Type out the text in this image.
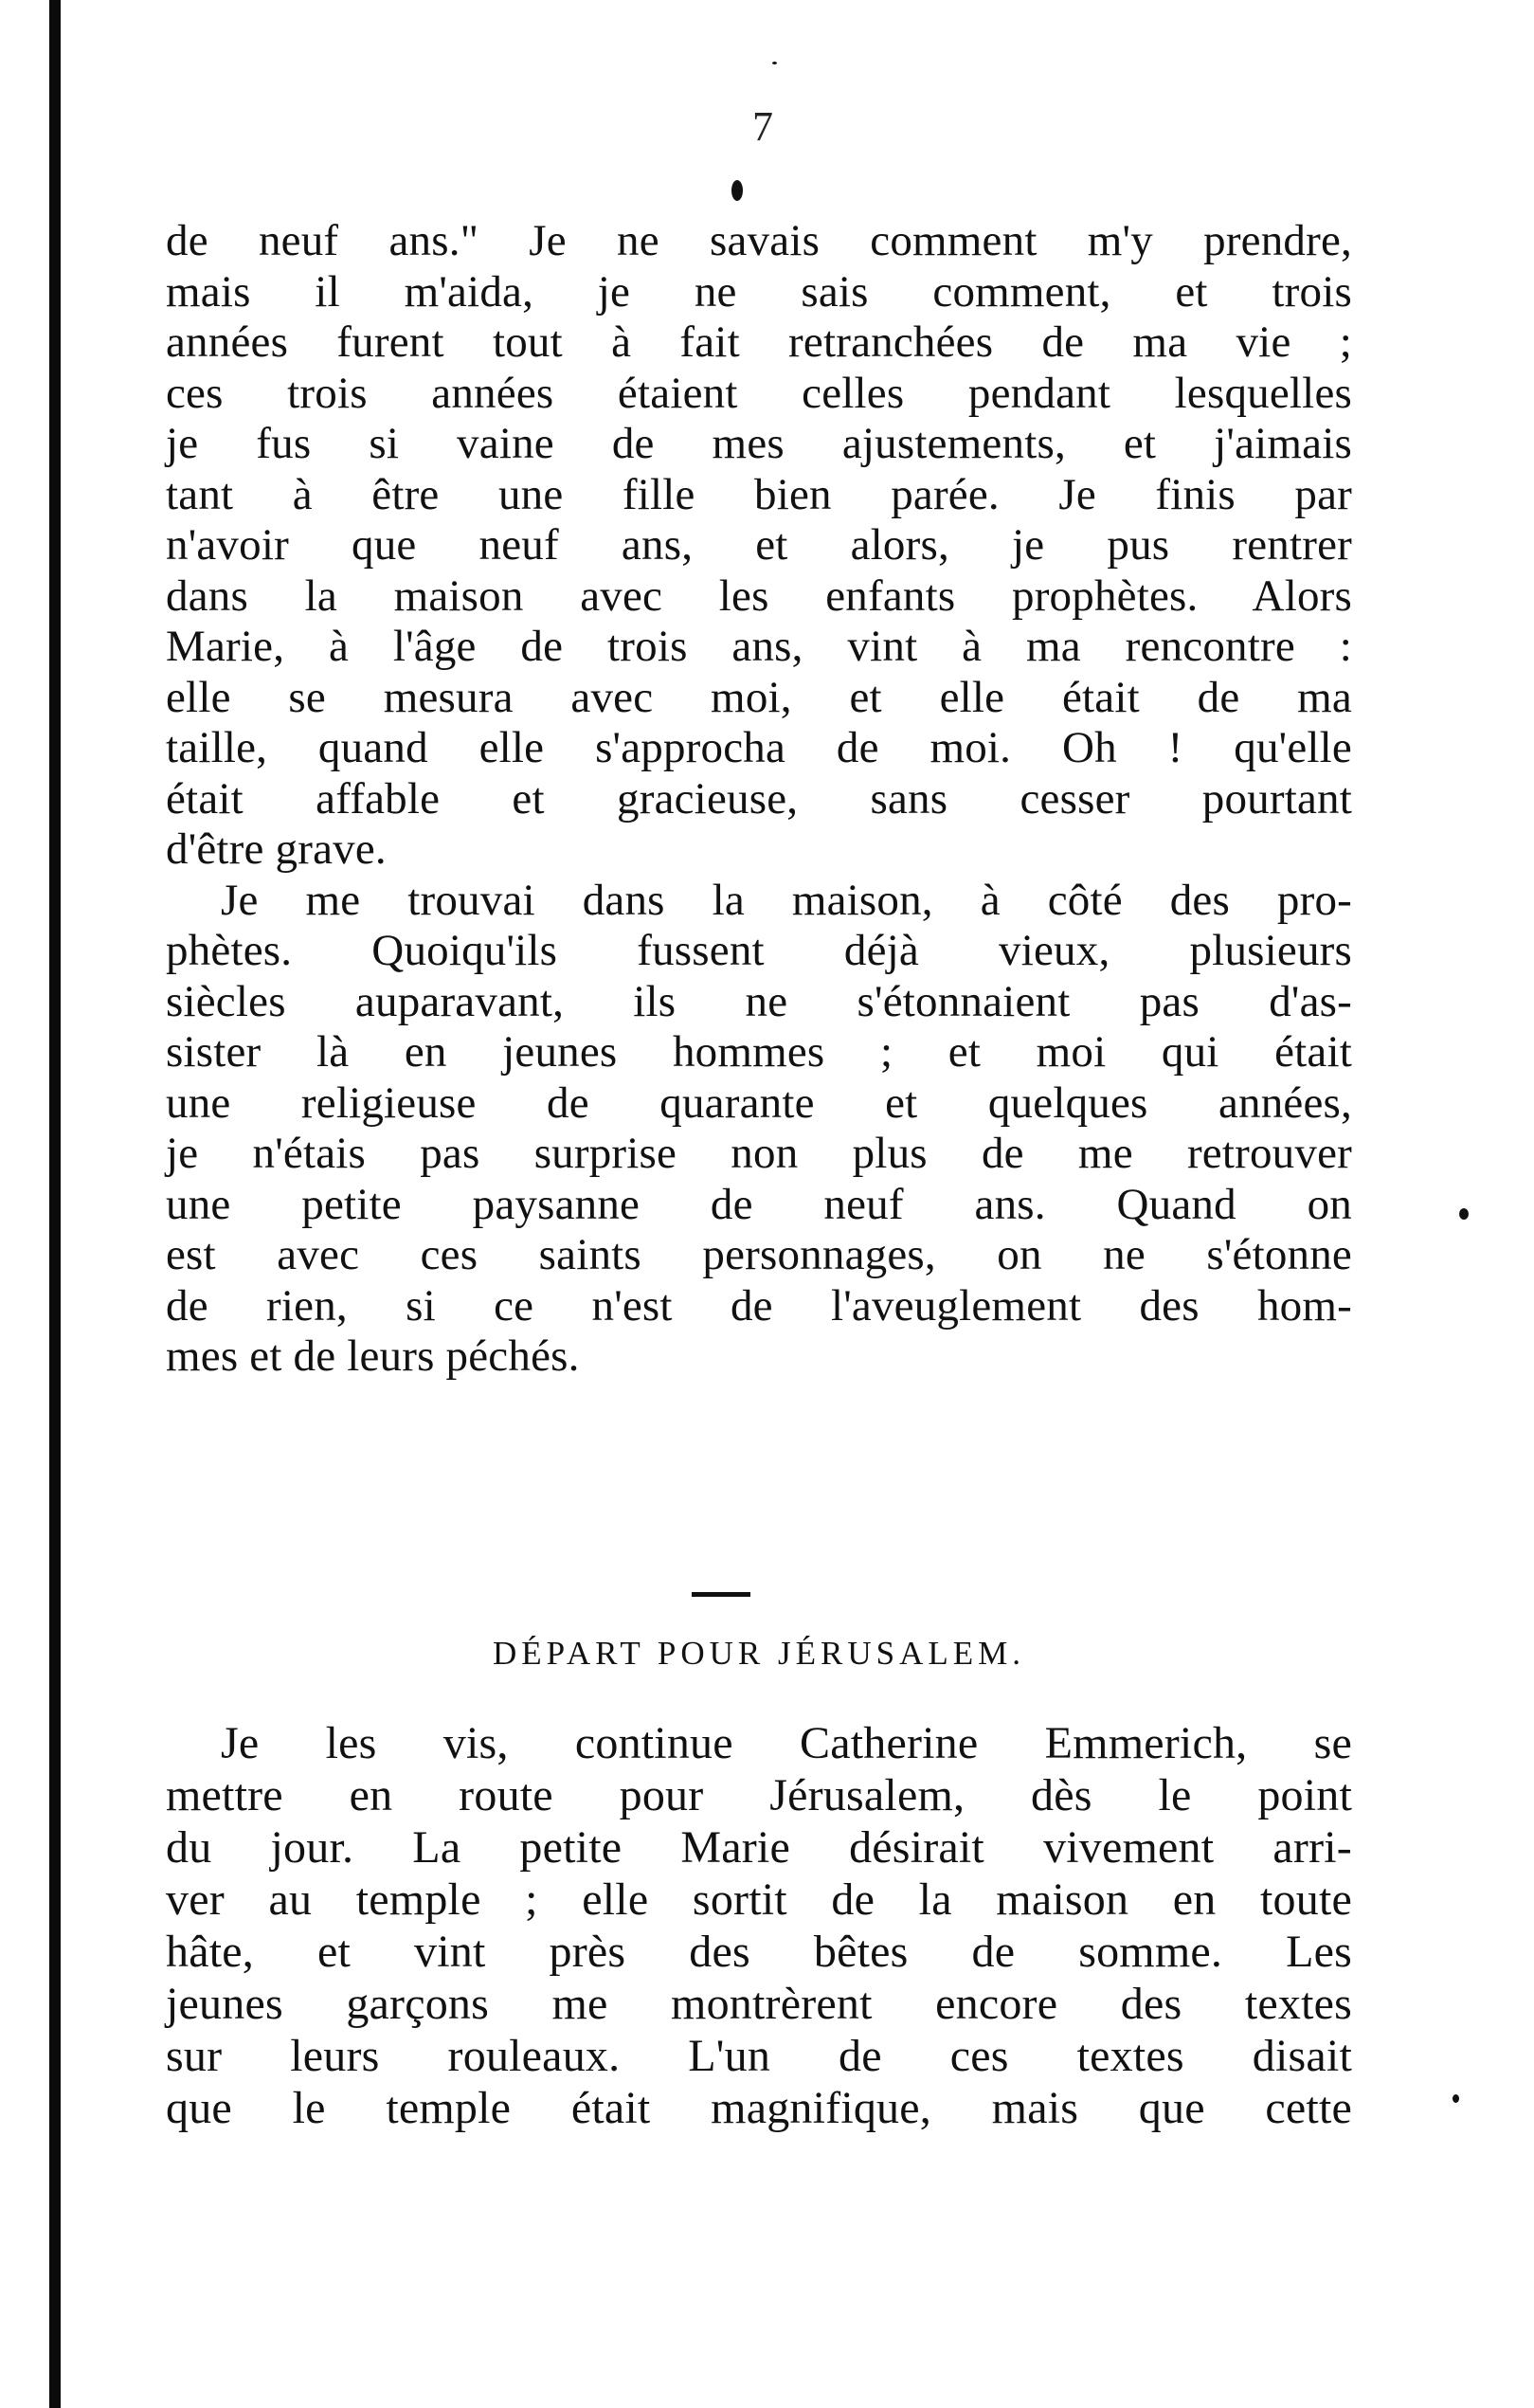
7
de neuf ans." Je ne savais comment m'y prendre,
mais il m'aida, je ne sais comment, et trois
années furent tout à fait retranchées de ma vie ;
ces trois années étaient celles pendant lesquelles
je fus si vaine de mes ajustements, et j'aimais
tant à être une fille bien parée. Je finis par
n'avoir que neuf ans, et alors, je pus rentrer
dans la maison avec les enfants prophètes. Alors
Marie, à l'âge de trois ans, vint à ma rencontre :
elle se mesura avec moi, et elle était de ma
taille, quand elle s'approcha de moi. Oh ! qu'elle
était affable et gracieuse, sans cesser pourtant
d'être grave.
Je me trouvai dans la maison, à côté des pro-
phètes. Quoiqu'ils fussent déjà vieux, plusieurs
siècles auparavant, ils ne s'étonnaient pas d'as-
sister là en jeunes hommes ; et moi qui était
une religieuse de quarante et quelques années,
je n'étais pas surprise non plus de me retrouver
une petite paysanne de neuf ans. Quand on
est avec ces saints personnages, on ne s'étonne
de rien, si ce n'est de l'aveuglement des hom-
mes et de leurs péchés.
DÉPART POUR JÉRUSALEM.
Je les vis, continue Catherine Emmerich, se
mettre en route pour Jérusalem, dès le point
du jour. La petite Marie désirait vivement arri-
ver au temple ; elle sortit de la maison en toute
hâte, et vint près des bêtes de somme. Les
jeunes garçons me montrèrent encore des textes
sur leurs rouleaux. L'un de ces textes disait
que le temple était magnifique, mais que cette
